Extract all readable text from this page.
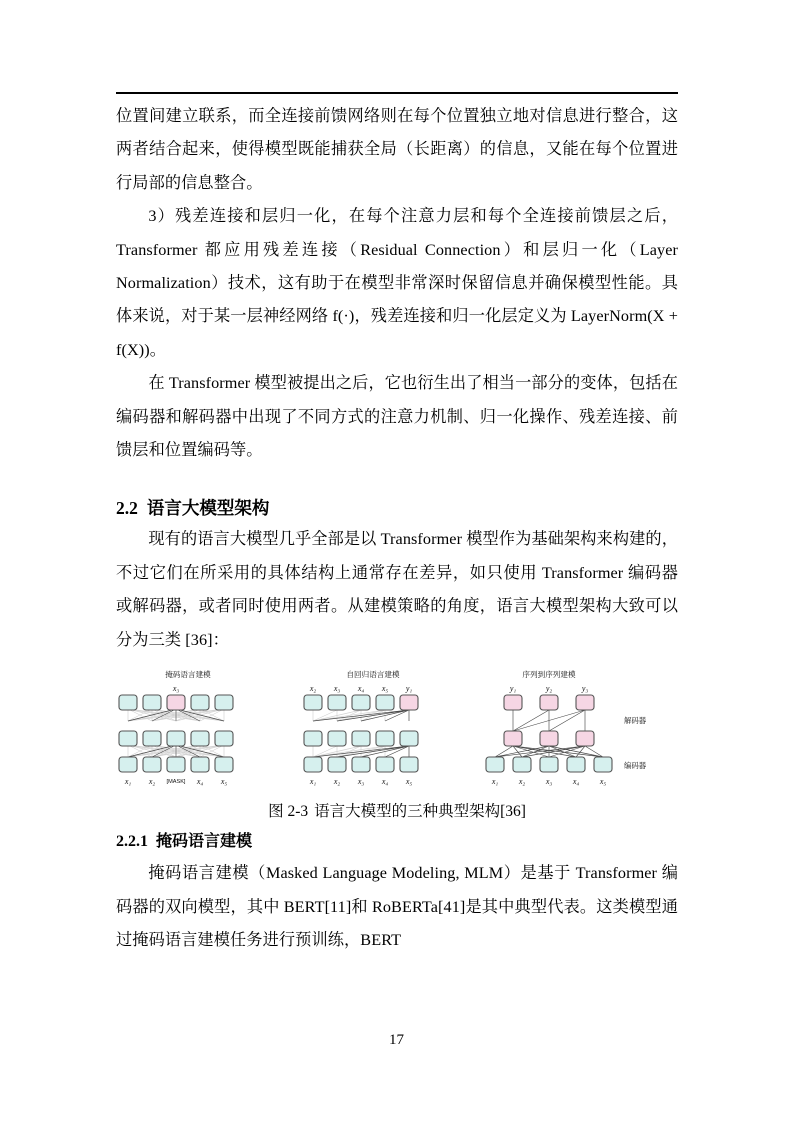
位置间建立联系，而全连接前馈网络则在每个位置独立地对信息进行整合，这两者结合起来，使得模型既能捕获全局（长距离）的信息，又能在每个位置进行局部的信息整合。

3）残差连接和层归一化，在每个注意力层和每个全连接前馈层之后，Transformer 都应用残差连接（Residual Connection）和层归一化（Layer Normalization）技术，这有助于在模型非常深时保留信息并确保模型性能。具体来说，对于某一层神经网络 f(·)，残差连接和归一化层定义为 LayerNorm(X + f(X))。

在 Transformer 模型被提出之后，它也衍生出了相当一部分的变体，包括在编码器和解码器中出现了不同方式的注意力机制、归一化操作、残差连接、前馈层和位置编码等。

2.2 语言大模型架构

现有的语言大模型几乎全部是以 Transformer 模型作为基础架构来构建的，不过它们在所采用的具体结构上通常存在差异，如只使用 Transformer 编码器或解码器，或者同时使用两者。从建模策略的角度，语言大模型架构大致可以分为三类 [36]：

掩码语言建模
x₃
x₁ x₂ [MASK] x₄ x₅
自回归语言建模
x₂ x₃ x₄ x₅ y₁
x₁ x₂ x₃ x₄ x₅
序列到序列建模
y₁	y₂	y₃
x₁	x₂	x₃	x₄	x₅
解码器
编码器

图 2-3 语言大模型的三种典型架构[36]

2.2.1 掩码语言建模

掩码语言建模（Masked Language Modeling, MLM）是基于 Transformer 编码器的双向模型，其中 BERT[11]和 RoBERTa[41]是其中典型代表。这类模型通过掩码语言建模任务进行预训练，BERT

17
